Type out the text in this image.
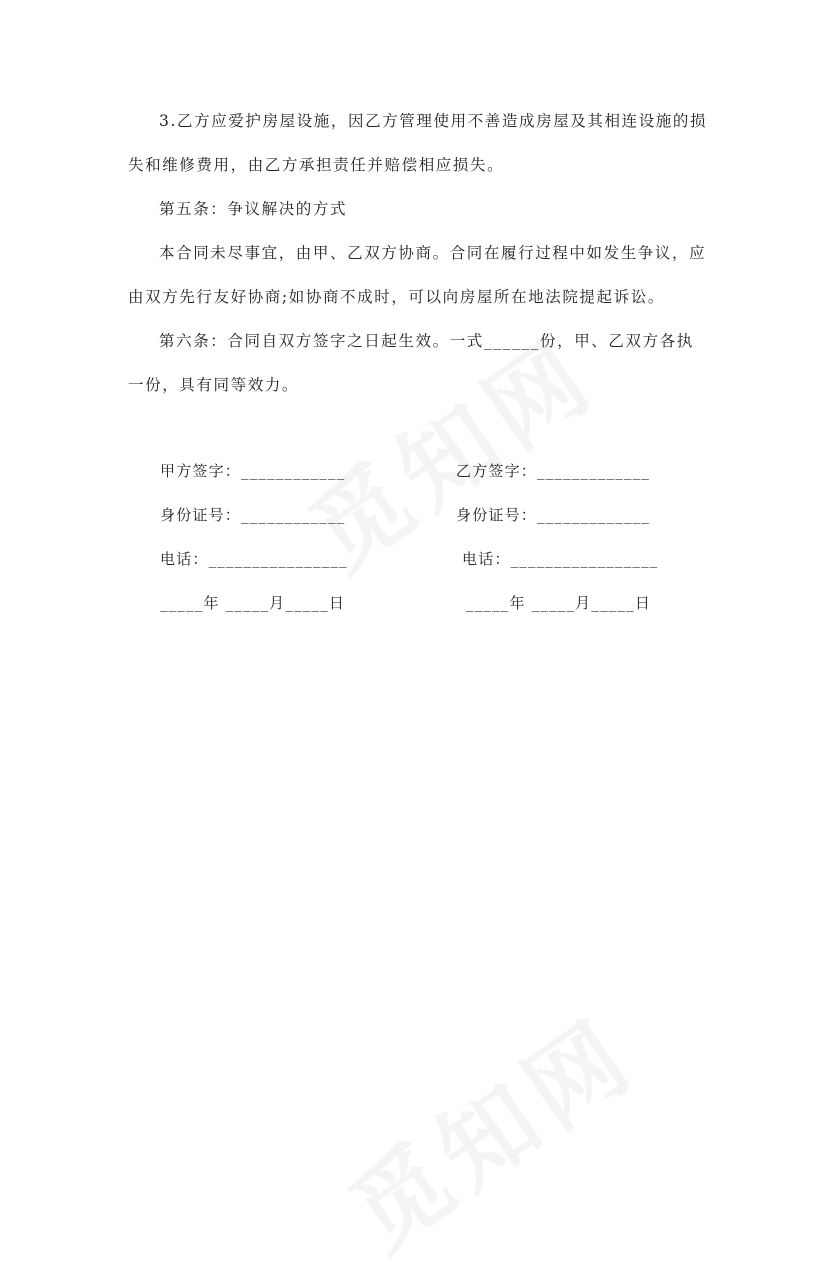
3.乙方应爱护房屋设施，因乙方管理使用不善造成房屋及其相连设施的损失和维修费用，由乙方承担责任并赔偿相应损失。
第五条：争议解决的方式
本合同未尽事宜，由甲、乙双方协商。合同在履行过程中如发生争议，应由双方先行友好协商;如协商不成时，可以向房屋所在地法院提起诉讼。
第六条：合同自双方签字之日起生效。一式______份，甲、乙双方各执一份，具有同等效力。
甲方签字：____________
身份证号：____________
电话：________________
_____年 _____月_____日
乙方签字：_____________
身份证号：_____________
电话：_________________
_____年 _____月_____日
